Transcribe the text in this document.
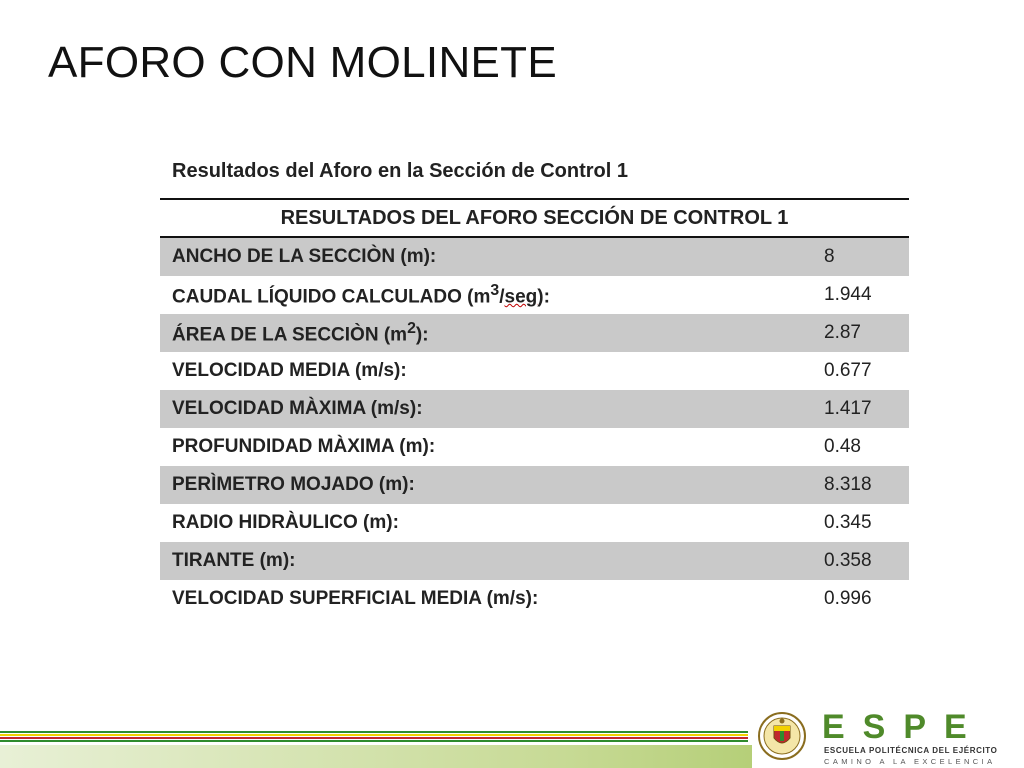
AFORO CON MOLINETE
Resultados del Aforo en la Sección de Control 1
RESULTADOS DEL AFORO SECCIÓN DE CONTROL 1
ANCHO DE LA SECCIÒN (m):	8
CAUDAL LÍQUIDO CALCULADO $(m^3/seg)$:	1.944
ÁREA DE LA SECCIÒN $(m^2)$:	2.87
VELOCIDAD MEDIA (m/s):	0.677
VELOCIDAD MÀXIMA (m/s):	1.417
PROFUNDIDAD MÀXIMA (m):	0.48
PERÌMETRO MOJADO (m):	8.318
RADIO HIDRÀULICO (m):	0.345
TIRANTE (m):	0.358
VELOCIDAD SUPERFICIAL MEDIA (m/s):	0.996
ESPE
ESCUELA POLITÉCNICA DEL EJÉRCITO
CAMINO A LA EXCELENCIA
